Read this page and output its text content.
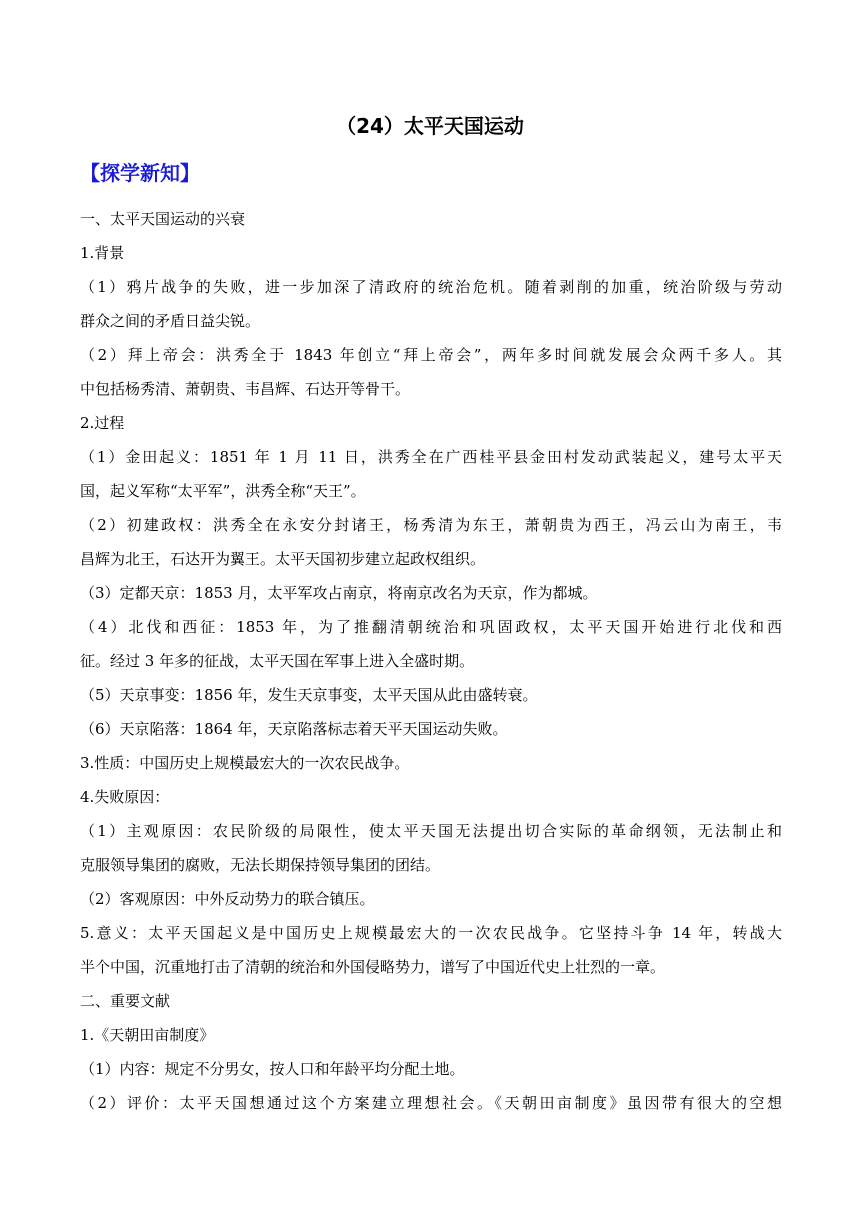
（24）太平天国运动
【探学新知】
一、太平天国运动的兴衰
1.背景
（1）鸦片战争的失败，进一步加深了清政府的统治危机。随着剥削的加重，统治阶级与劳动
群众之间的矛盾日益尖锐。
（2）拜上帝会：洪秀全于 1843 年创立“拜上帝会”，两年多时间就发展会众两千多人。其
中包括杨秀清、萧朝贵、韦昌辉、石达开等骨干。
2.过程
（1）金田起义：1851 年 1 月 11 日，洪秀全在广西桂平县金田村发动武装起义，建号太平天
国，起义军称“太平军”，洪秀全称“天王”。
（2）初建政权：洪秀全在永安分封诸王，杨秀清为东王，萧朝贵为西王，冯云山为南王，韦
昌辉为北王，石达开为翼王。太平天国初步建立起政权组织。
（3）定都天京：1853 月，太平军攻占南京，将南京改名为天京，作为都城。
（4）北伐和西征：1853 年，为了推翻清朝统治和巩固政权，太平天国开始进行北伐和西
征。经过 3 年多的征战，太平天国在军事上进入全盛时期。
（5）天京事变：1856 年，发生天京事变，太平天国从此由盛转衰。
（6）天京陷落：1864 年，天京陷落标志着天平天国运动失败。
3.性质：中国历史上规模最宏大的一次农民战争。
4.失败原因：
（1）主观原因：农民阶级的局限性，使太平天国无法提出切合实际的革命纲领，无法制止和
克服领导集团的腐败，无法长期保持领导集团的团结。
（2）客观原因：中外反动势力的联合镇压。
5.意义：太平天国起义是中国历史上规模最宏大的一次农民战争。它坚持斗争 14 年，转战大
半个中国，沉重地打击了清朝的统治和外国侵略势力，谱写了中国近代史上壮烈的一章。
二、重要文献
1.《天朝田亩制度》
（1）内容：规定不分男女，按人口和年龄平均分配土地。
（2）评价：太平天国想通过这个方案建立理想社会。《天朝田亩制度》虽因带有很大的空想
